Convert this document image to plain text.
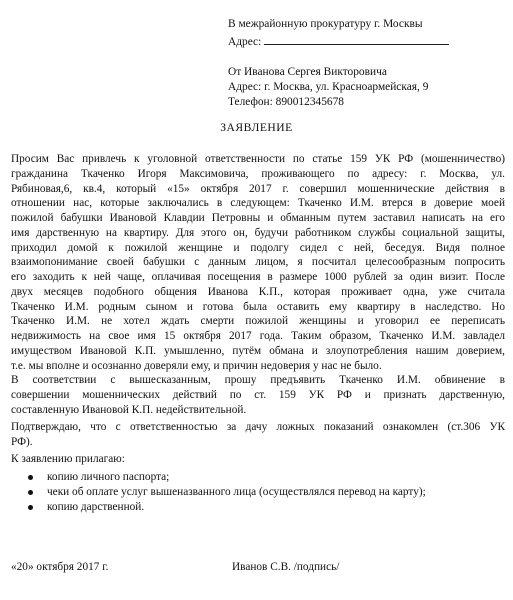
В межрайонную прокуратуру г. Москвы
Адрес:
От Иванова Сергея Викторовича
Адрес: г. Москва, ул. Красноармейская, 9
Телефон: 890012345678
ЗАЯВЛЕНИЕ
Просим Вас привлечь к уголовной ответственности по статье 159 УК РФ (мошенничество)
гражданина Ткаченко Игоря Максимовича, проживающего по адресу: г. Москва, ул.
Рябиновая,6, кв.4, который «15» октября 2017 г. совершил мошеннические действия в
отношении нас, которые заключались в следующем: Ткаченко И.М. втерся в доверие моей
пожилой бабушки Ивановой Клавдии Петровны и обманным путем заставил написать на его
имя дарственную на квартиру. Для этого он, будучи работником службы социальной защиты,
приходил домой к пожилой женщине и подолгу сидел с ней, беседуя. Видя полное
взаимопонимание своей бабушки с данным лицом, я посчитал целесообразным попросить
его заходить к ней чаще, оплачивая посещения в размере 1000 рублей за один визит. После
двух месяцев подобного общения Иванова К.П., которая проживает одна, уже считала
Ткаченко И.М. родным сыном и готова была оставить ему квартиру в наследство. Но
Ткаченко И.М. не хотел ждать смерти пожилой женщины и уговорил ее переписать
недвижимость на свое имя 15 октября 2017 года. Таким образом, Ткаченко И.М. завладел
имуществом Ивановой К.П. умышленно, путём обмана и злоупотребления нашим доверием,
т.е. мы вполне и осознанно доверяли ему, и причин недоверия у нас не было.
В соответствии с вышесказанным, прошу предъявить Ткаченко И.М. обвинение в
совершении мошеннических действий по ст. 159 УК РФ и признать дарственную,
составленную Ивановой К.П. недействительной.
Подтверждаю, что с ответственностью за дачу ложных показаний ознакомлен (ст.306 УК
РФ).
К заявлению прилагаю:
копию личного паспорта;
чеки об оплате услуг вышеназванного лица (осуществлялся перевод на карту);
копию дарственной.
«20» октября 2017 г.	Иванов С.В. /подпись/
